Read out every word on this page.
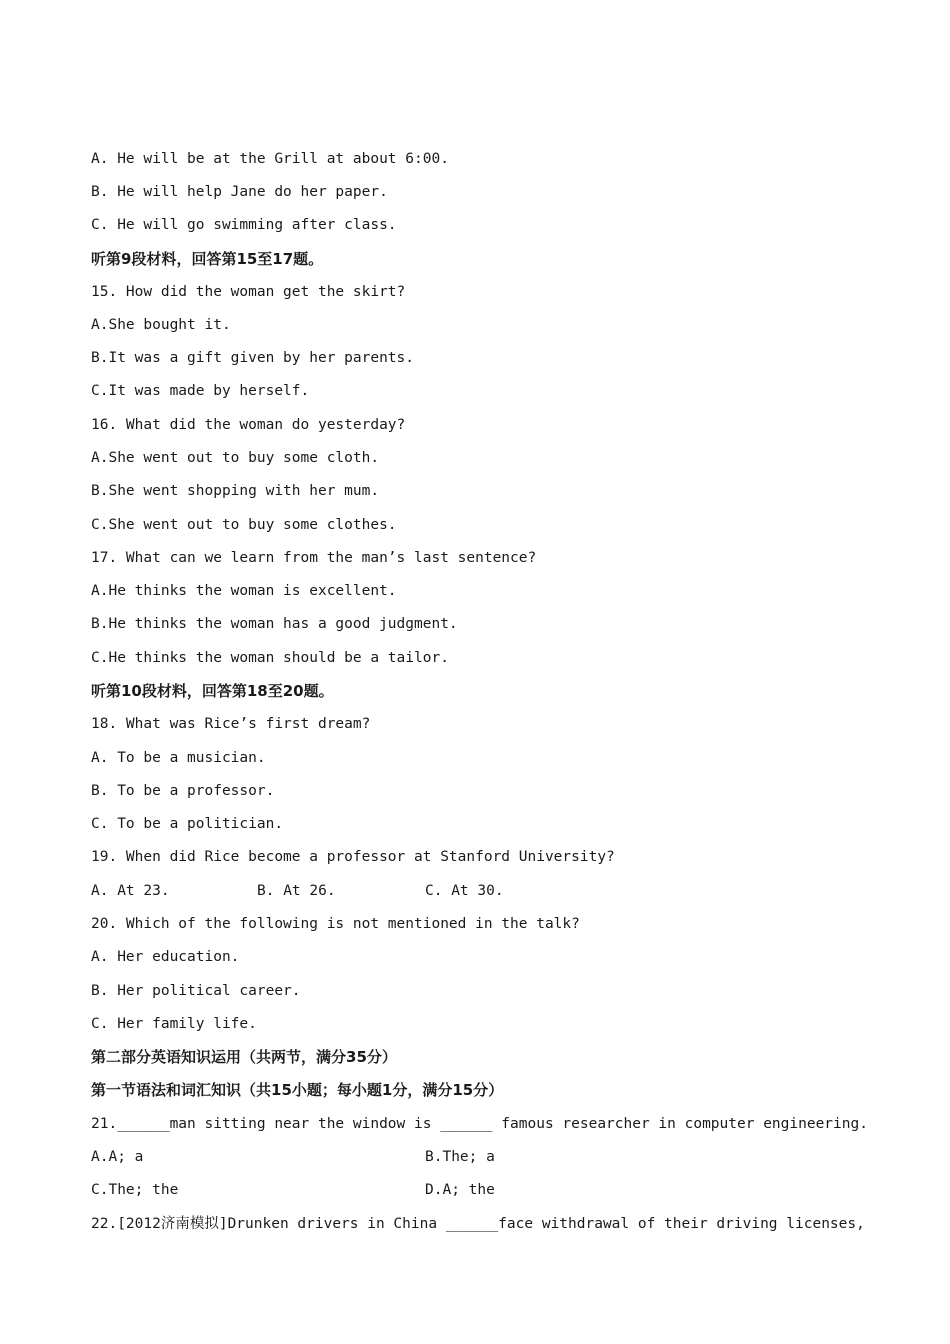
A. He will be at the Grill at about 6:00.
B. He will help Jane do her paper.
C. He will go swimming after class.
听第9段材料，回答第15至17题。
15. How did the woman get the skirt?
A.She bought it.
B.It was a gift given by her parents.
C.It was made by herself.
16. What did the woman do yesterday?
A.She went out to buy some cloth.
B.She went shopping with her mum.
C.She went out to buy some clothes.
17. What can we learn from the man’s last sentence?
A.He thinks the woman is excellent.
B.He thinks the woman has a good judgment.
C.He thinks the woman should be a tailor.
听第10段材料，回答第18至20题。
18. What was Rice’s first dream?
A. To be a musician.
B. To be a professor.
C. To be a politician.
19. When did Rice become a professor at Stanford University?

A. At 23.

	B. At 26.

	C. At 30.

20. Which of the following is not mentioned in the talk?
A. Her education.
B. Her political career.
C. Her family life.
第二部分英语知识运用（共两节，满分35分）
第一节语法和词汇知识（共15小题；每小题1分，满分15分）
21.______man sitting near the window is ______ famous researcher in computer engineering.

A.A; a

	B.The; a

C.The; the

	D.A; the

22.[2012济南模拟]Drunken drivers in China ______face withdrawal of their driving licenses,
